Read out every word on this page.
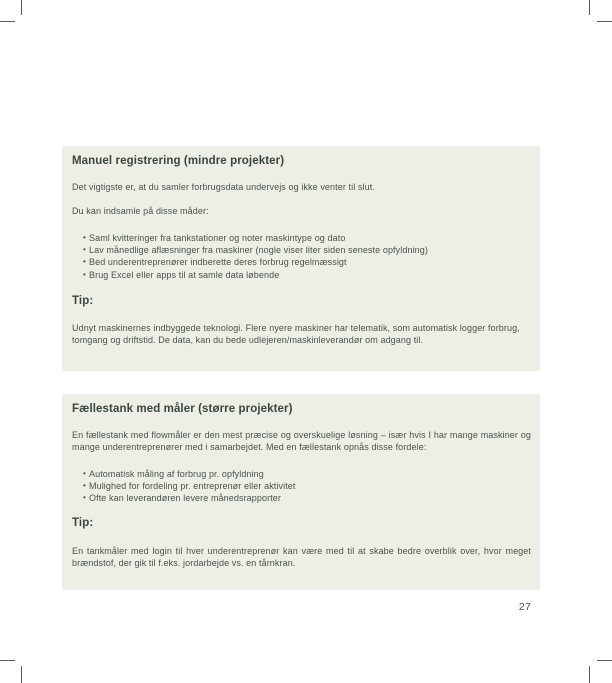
Manuel registrering (mindre projekter)

Det vigtigste er, at du samler forbrugsdata undervejs og ikke venter til slut.

Du kan indsamle på disse måder:

• Saml kvitteringer fra tankstationer og noter maskintype og dato
• Lav månedlige aflæsninger fra maskiner (nogle viser liter siden seneste opfyldning)
• Bed underentreprenører indberette deres forbrug regelmæssigt
• Brug Excel eller apps til at samle data løbende
Tip:

Udnyt maskinernes indbyggede teknologi. Flere nyere maskiner har telematik, som automatisk logger forbrug, tomgang og driftstid. De data, kan du bede udlejeren/maskinleverandør om adgang til.

Fællestank med måler (større projekter)

En fællestank med flowmåler er den mest præcise og overskuelige løsning – især hvis I har mange maskiner og mange underentreprenører med i samarbejdet. Med en fællestank opnås disse fordele:

• Automatisk måling af forbrug pr. opfyldning
• Mulighed for fordeling pr. entreprenør eller aktivitet
• Ofte kan leverandøren levere månedsrapporter
Tip:

En tankmåler med login til hver underentreprenør kan være med til at skabe bedre overblik over, hvor meget brændstof, der gik til f.eks. jordarbejde vs. en tårnkran.

27
